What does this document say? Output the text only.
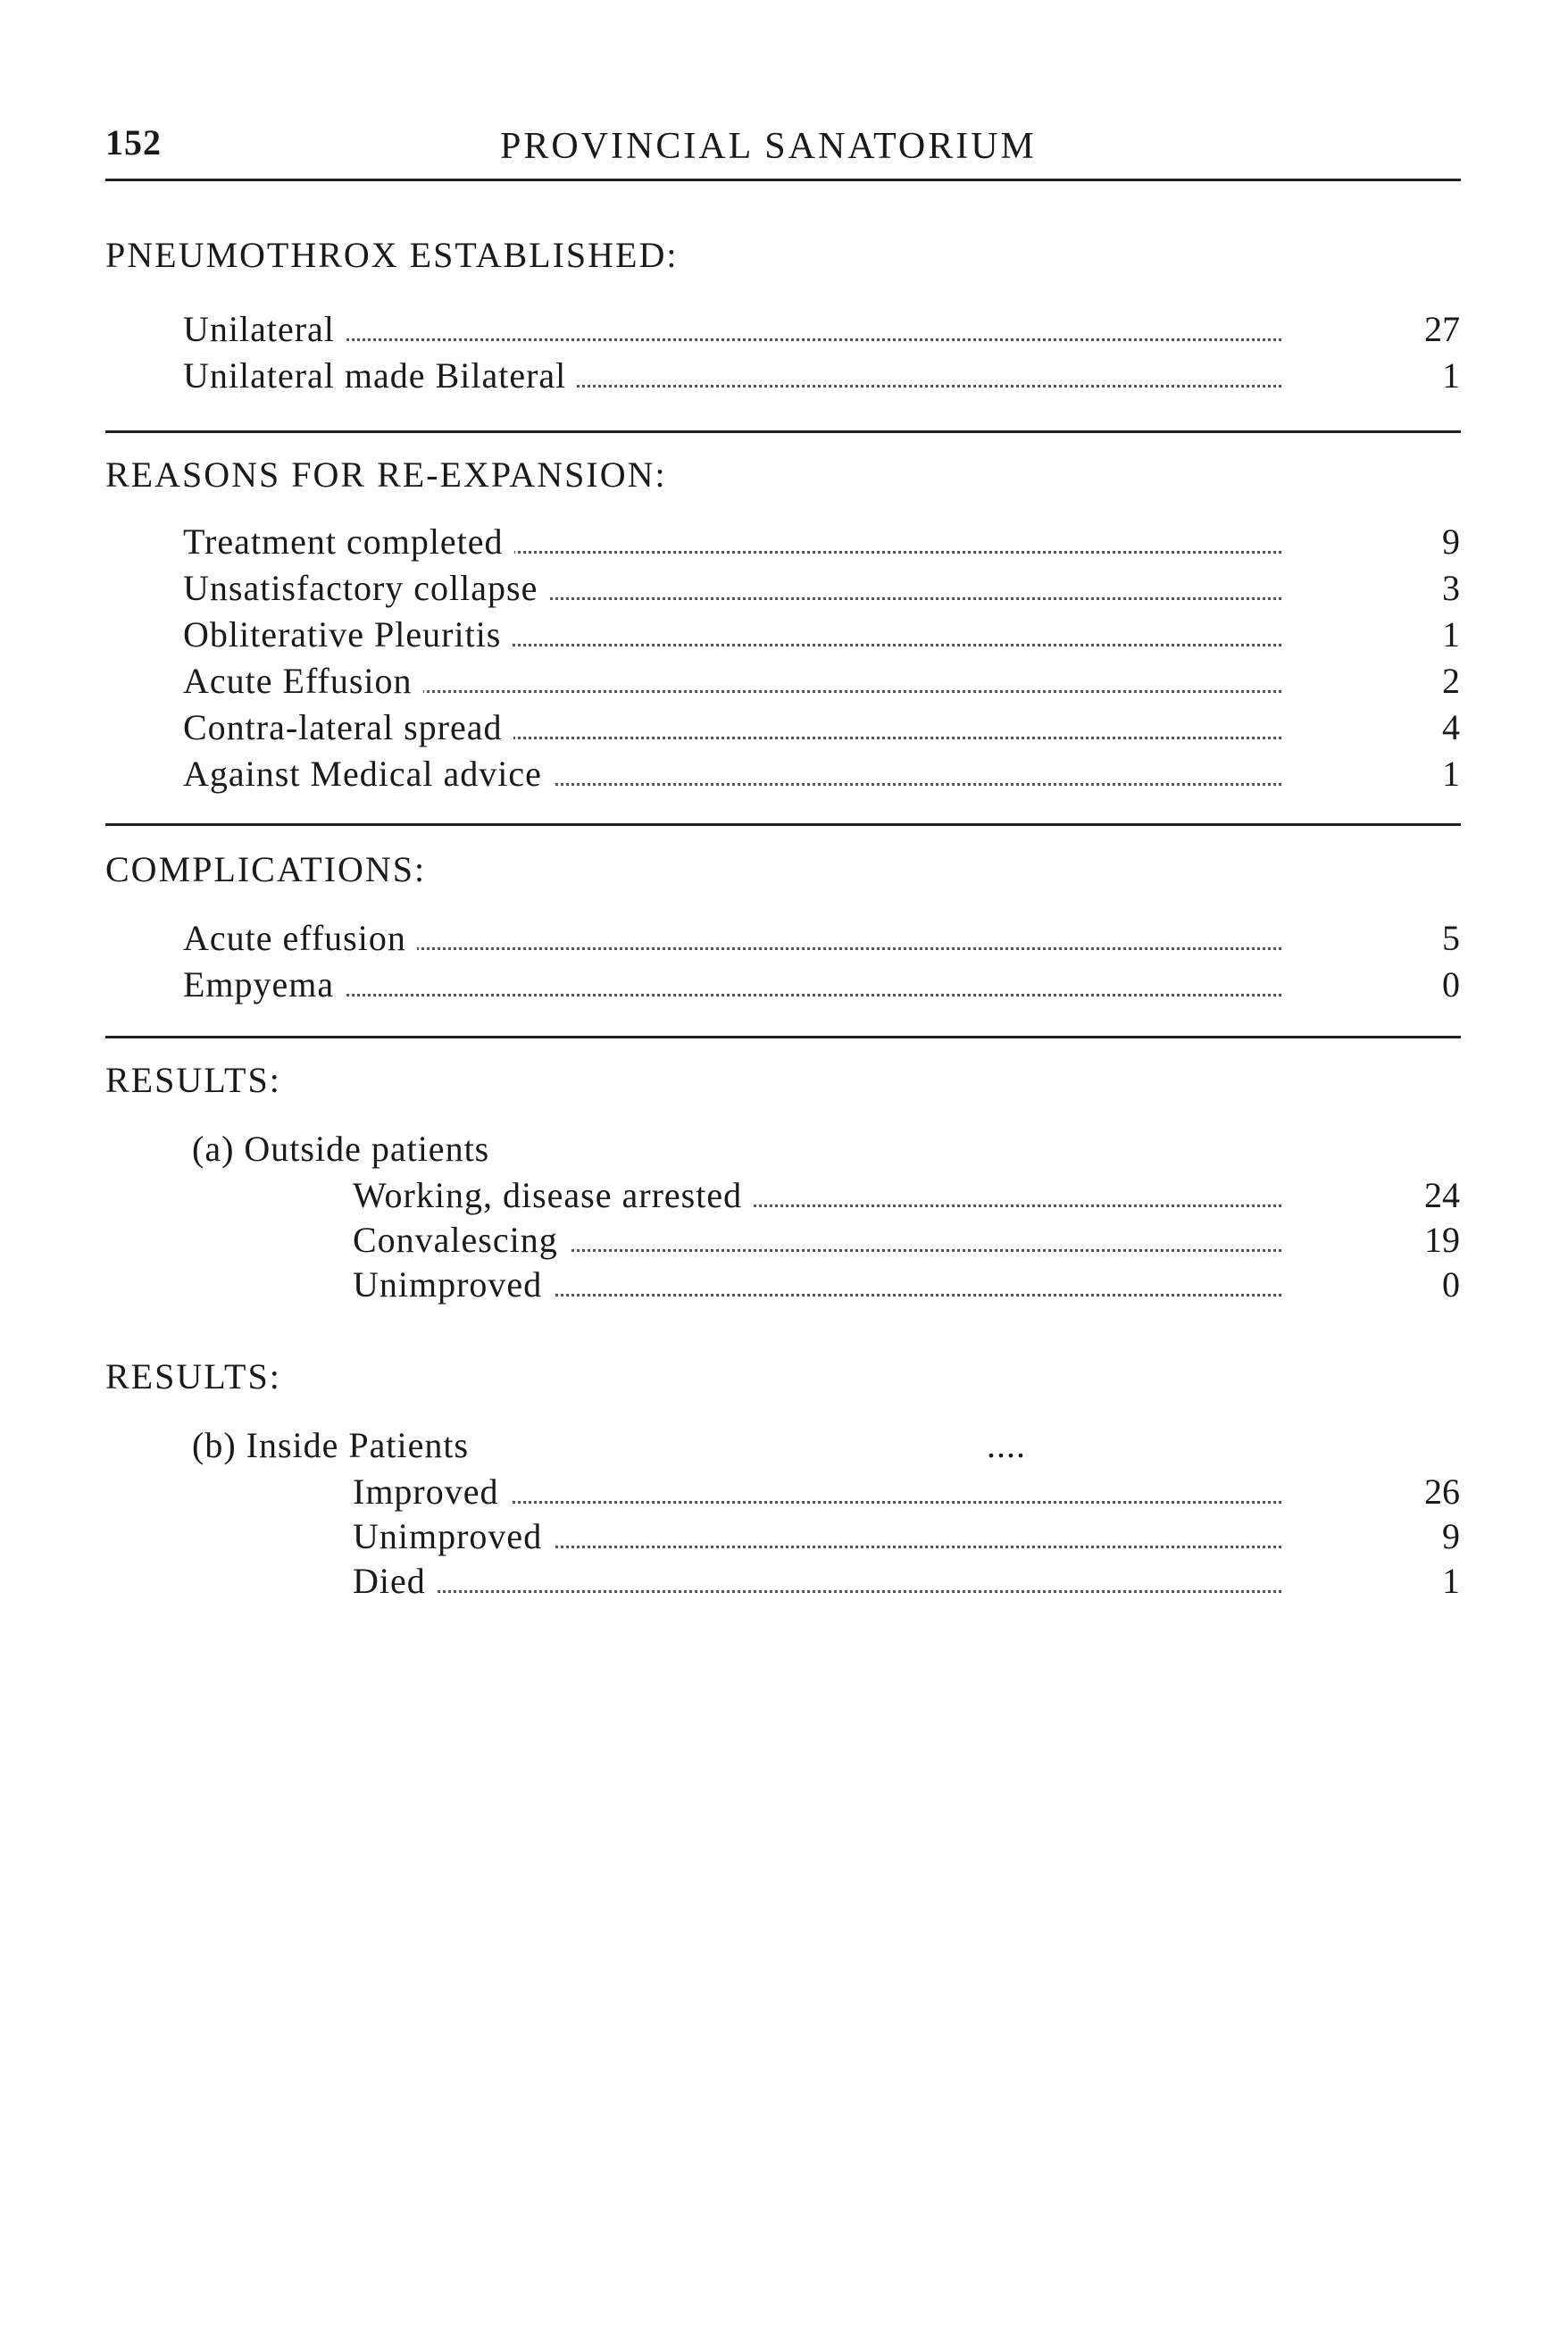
152	PROVINCIAL SANATORIUM
PNEUMOTHROX ESTABLISHED:
Unilateral	27
Unilateral made Bilateral	1
REASONS FOR RE-EXPANSION:
Treatment completed	9
Unsatisfactory collapse	3
Obliterative Pleuritis	1
Acute Effusion	2
Contra-lateral spread	4
Against Medical advice	1
COMPLICATIONS:
Acute effusion	5
Empyema	0
RESULTS:
(a) Outside patients
Working, disease arrested	24
Convalescing	19
Unimproved	0
RESULTS:
(b) Inside Patients	....
Improved	26
Unimproved	9
Died	1
